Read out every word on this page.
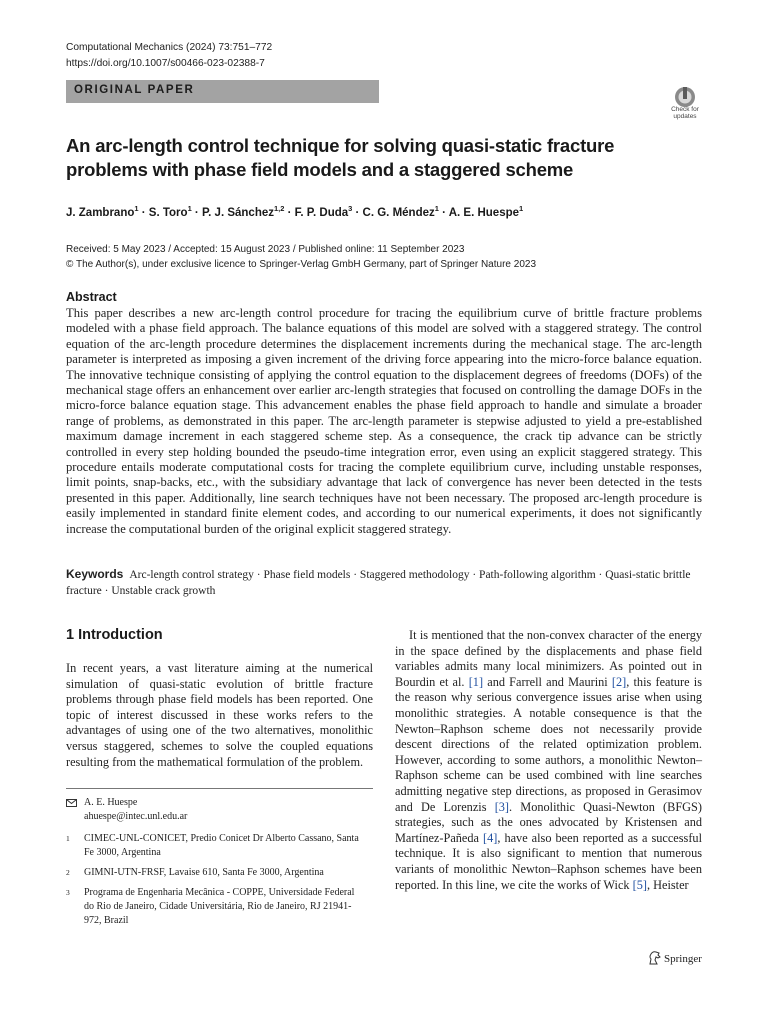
Computational Mechanics (2024) 73:751–772
https://doi.org/10.1007/s00466-023-02388-7
ORIGINAL PAPER
Check for updates
An arc-length control technique for solving quasi-static fracture problems with phase field models and a staggered scheme
J. Zambrano$^1$ · S. Toro$^1$ · P. J. Sánchez$^{1,2}$ · F. P. Duda$^3$ · C. G. Méndez$^1$ · A. E. Huespe$^1$
Received: 5 May 2023 / Accepted: 15 August 2023 / Published online: 11 September 2023
© The Author(s), under exclusive licence to Springer-Verlag GmbH Germany, part of Springer Nature 2023
Abstract
This paper describes a new arc-length control procedure for tracing the equilibrium curve of brittle fracture problems modeled with a phase field approach. The balance equations of this model are solved with a staggered strategy. The control equation of the arc-length procedure determines the displacement increments during the mechanical stage. The arc-length parameter is interpreted as imposing a given increment of the driving force appearing into the micro-force balance equation. The innovative technique consisting of applying the control equation to the displacement degrees of freedoms (DOFs) of the mechanical stage offers an enhancement over earlier arc-length strategies that focused on controlling the damage DOFs in the micro-force balance equation stage. This advancement enables the phase field approach to handle and simulate a broader range of problems, as demonstrated in this paper. The arc-length parameter is stepwise adjusted to yield a pre-established maximum damage increment in each staggered scheme step. As a consequence, the crack tip advance can be strictly controlled in every step holding bounded the pseudo-time integration error, even using an explicit staggered strategy. This procedure entails moderate computational costs for tracing the complete equilibrium curve, including unstable responses, limit points, snap-backs, etc., with the subsidiary advantage that lack of convergence has never been detected in the tests presented in this paper. Additionally, line search techniques have not been necessary. The proposed arc-length procedure is easily implemented in standard finite element codes, and according to our numerical experiments, it does not significantly increase the computational burden of the original explicit staggered strategy.
Keywords Arc-length control strategy · Phase field models · Staggered methodology · Path-following algorithm · Quasi-static brittle fracture · Unstable crack growth
1 Introduction
In recent years, a vast literature aiming at the numerical simulation of quasi-static evolution of brittle fracture problems through phase field models has been reported. One topic of interest discussed in these works refers to the advantages of using one of the two alternatives, monolithic versus staggered, schemes to solve the coupled equations resulting from the mathematical formulation of the problem.
It is mentioned that the non-convex character of the energy in the space defined by the displacements and phase field variables admits many local minimizers. As pointed out in Bourdin et al. [1] and Farrell and Maurini [2], this feature is the reason why serious convergence issues arise when using monolithic strategies. A notable consequence is that the Newton–Raphson scheme does not necessarily provide descent directions of the related optimization problem. However, according to some authors, a monolithic Newton–Raphson scheme can be used combined with line searches admitting negative step directions, as proposed in Gerasimov and De Lorenzis [3]. Monolithic Quasi-Newton (BFGS) strategies, such as the ones advocated by Kristensen and Martínez-Pañeda [4], have also been reported as a successful technique. It is also significant to mention that numerous variants of monolithic Newton–Raphson schemes have been reported. In this line, we cite the works of Wick [5], Heister
A. E. Huespe
ahuespe@intec.unl.edu.ar
1 CIMEC-UNL-CONICET, Predio Conicet Dr Alberto Cassano, Santa Fe 3000, Argentina
2 GIMNI-UTN-FRSF, Lavaise 610, Santa Fe 3000, Argentina
3 Programa de Engenharia Mecânica - COPPE, Universidade Federal do Rio de Janeiro, Cidade Universitária, Rio de Janeiro, RJ 21941-972, Brazil
Springer
